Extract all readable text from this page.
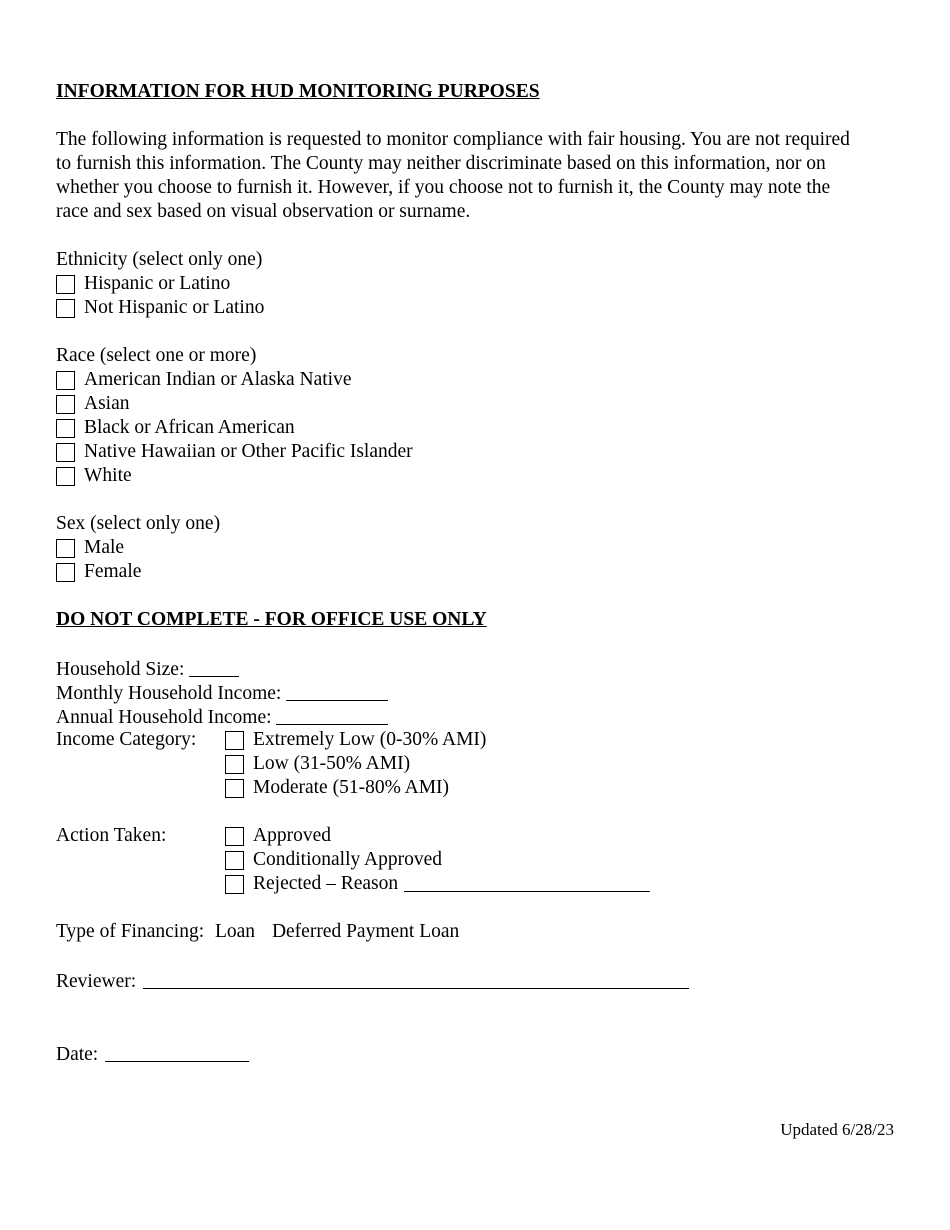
INFORMATION FOR HUD MONITORING PURPOSES
The following information is requested to monitor compliance with fair housing. You are not required
to furnish this information. The County may neither discriminate based on this information, nor on
whether you choose to furnish it. However, if you choose not to furnish it, the County may note the
race and sex based on visual observation or surname.
Ethnicity (select only one)
Hispanic or Latino
Not Hispanic or Latino
Race (select one or more)
American Indian or Alaska Native
Asian
Black or African American
Native Hawaiian or Other Pacific Islander
White
Sex (select only one)
Male
Female
DO NOT COMPLETE - FOR OFFICE USE ONLY
Household Size:
Monthly Household Income:
Annual Household Income:
Income Category:	Extremely Low (0-30% AMI)
Low (31-50% AMI)
Moderate (51-80% AMI)
Action Taken:	Approved
Conditionally Approved
Rejected – Reason
Type of Financing: Loan Deferred Payment Loan
Reviewer:
Date:
Updated 6/28/23
